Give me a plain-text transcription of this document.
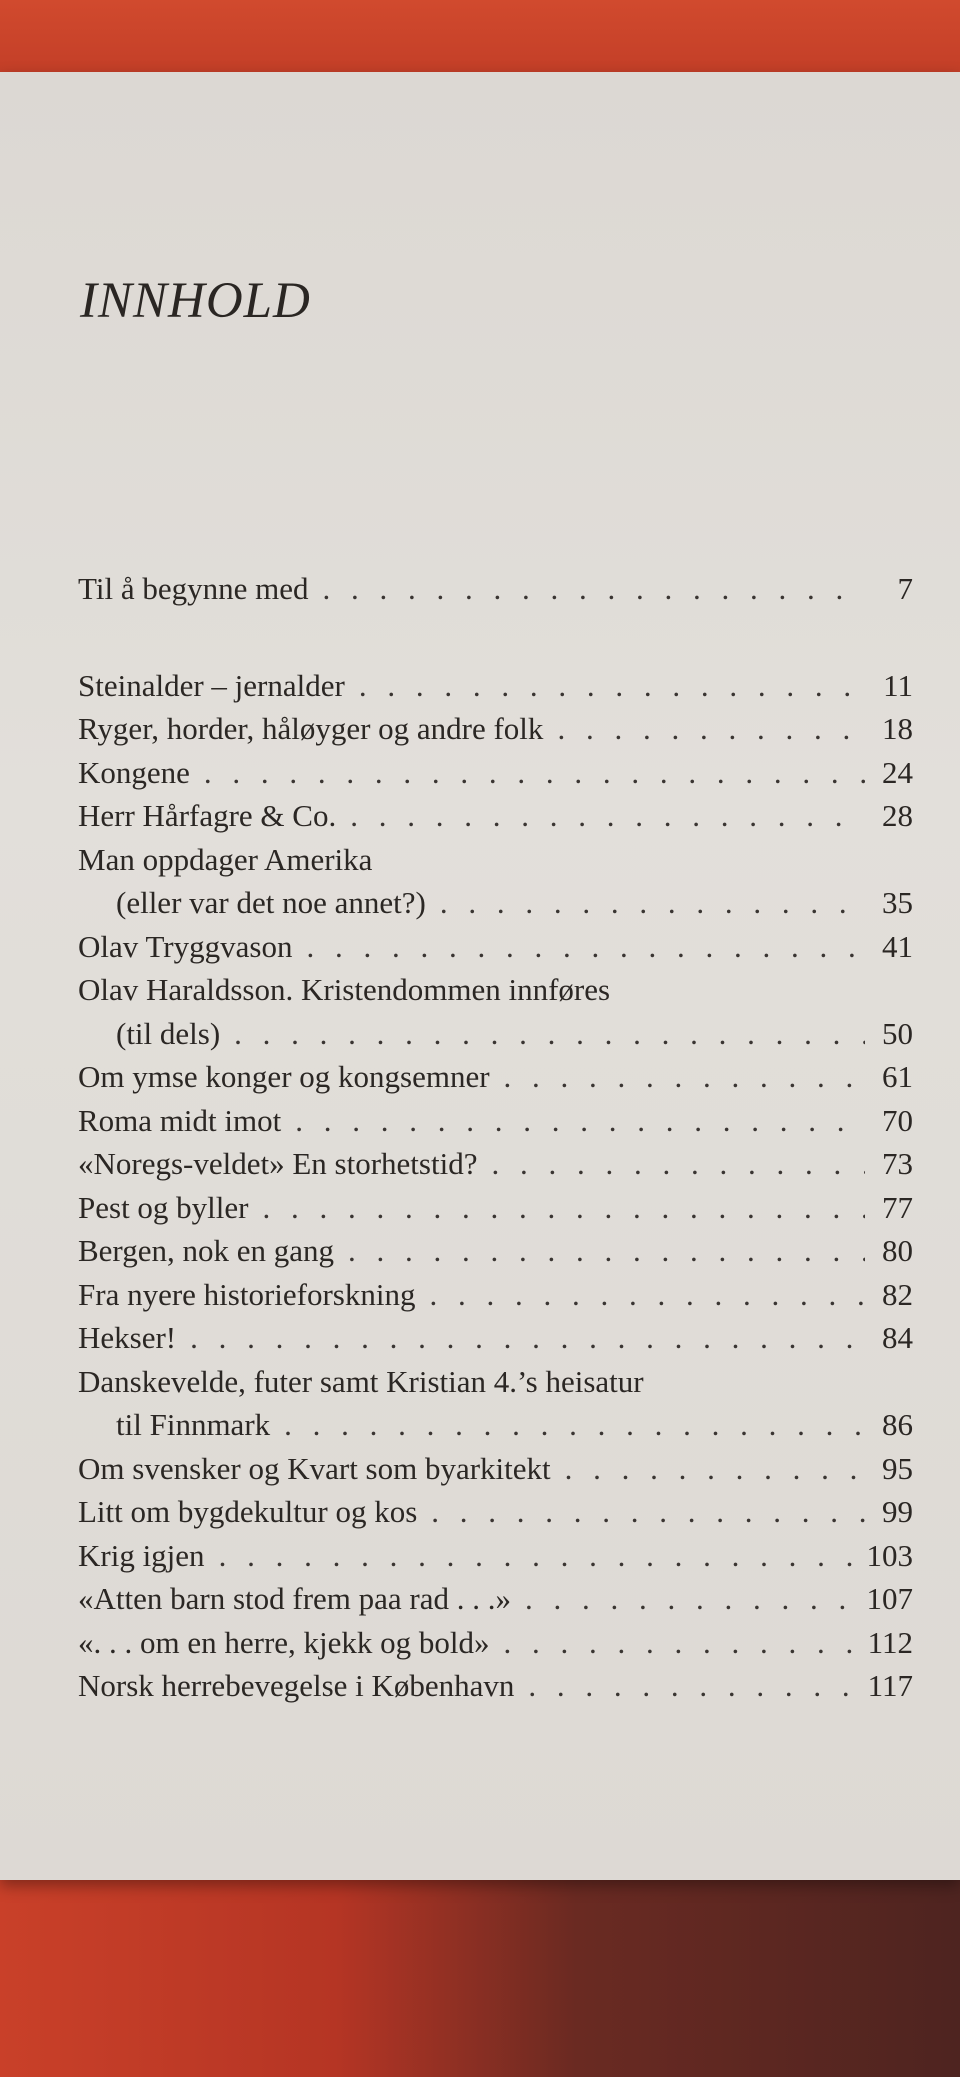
INNHOLD
Til å begynne med . . .	7
Steinalder – jernalder . . .	11
Ryger, horder, håløyger og andre folk . . .	18
Kongene . . .	24
Herr Hårfagre & Co. . . .	28
Man oppdager Amerika
(eller var det noe annet?) . . .	35
Olav Tryggvason . . .	41
Olav Haraldsson. Kristendommen innføres
(til dels) . . .	50
Om ymse konger og kongsemner . . .	61
Roma midt imot . . .	70
«Noregs-veldet» En storhetstid? . . .	73
Pest og byller . . .	77
Bergen, nok en gang . . .	80
Fra nyere historieforskning . . .	82
Hekser! . . .	84
Danskevelde, futer samt Kristian 4.’s heisatur
til Finnmark . . .	86
Om svensker og Kvart som byarkitekt . . .	95
Litt om bygdekultur og kos . . .	99
Krig igjen . . .	103
«Atten barn stod frem paa rad . . .» . . .	107
«. . . om en herre, kjekk og bold» . . .	112
Norsk herrebevegelse i København . . .	117
